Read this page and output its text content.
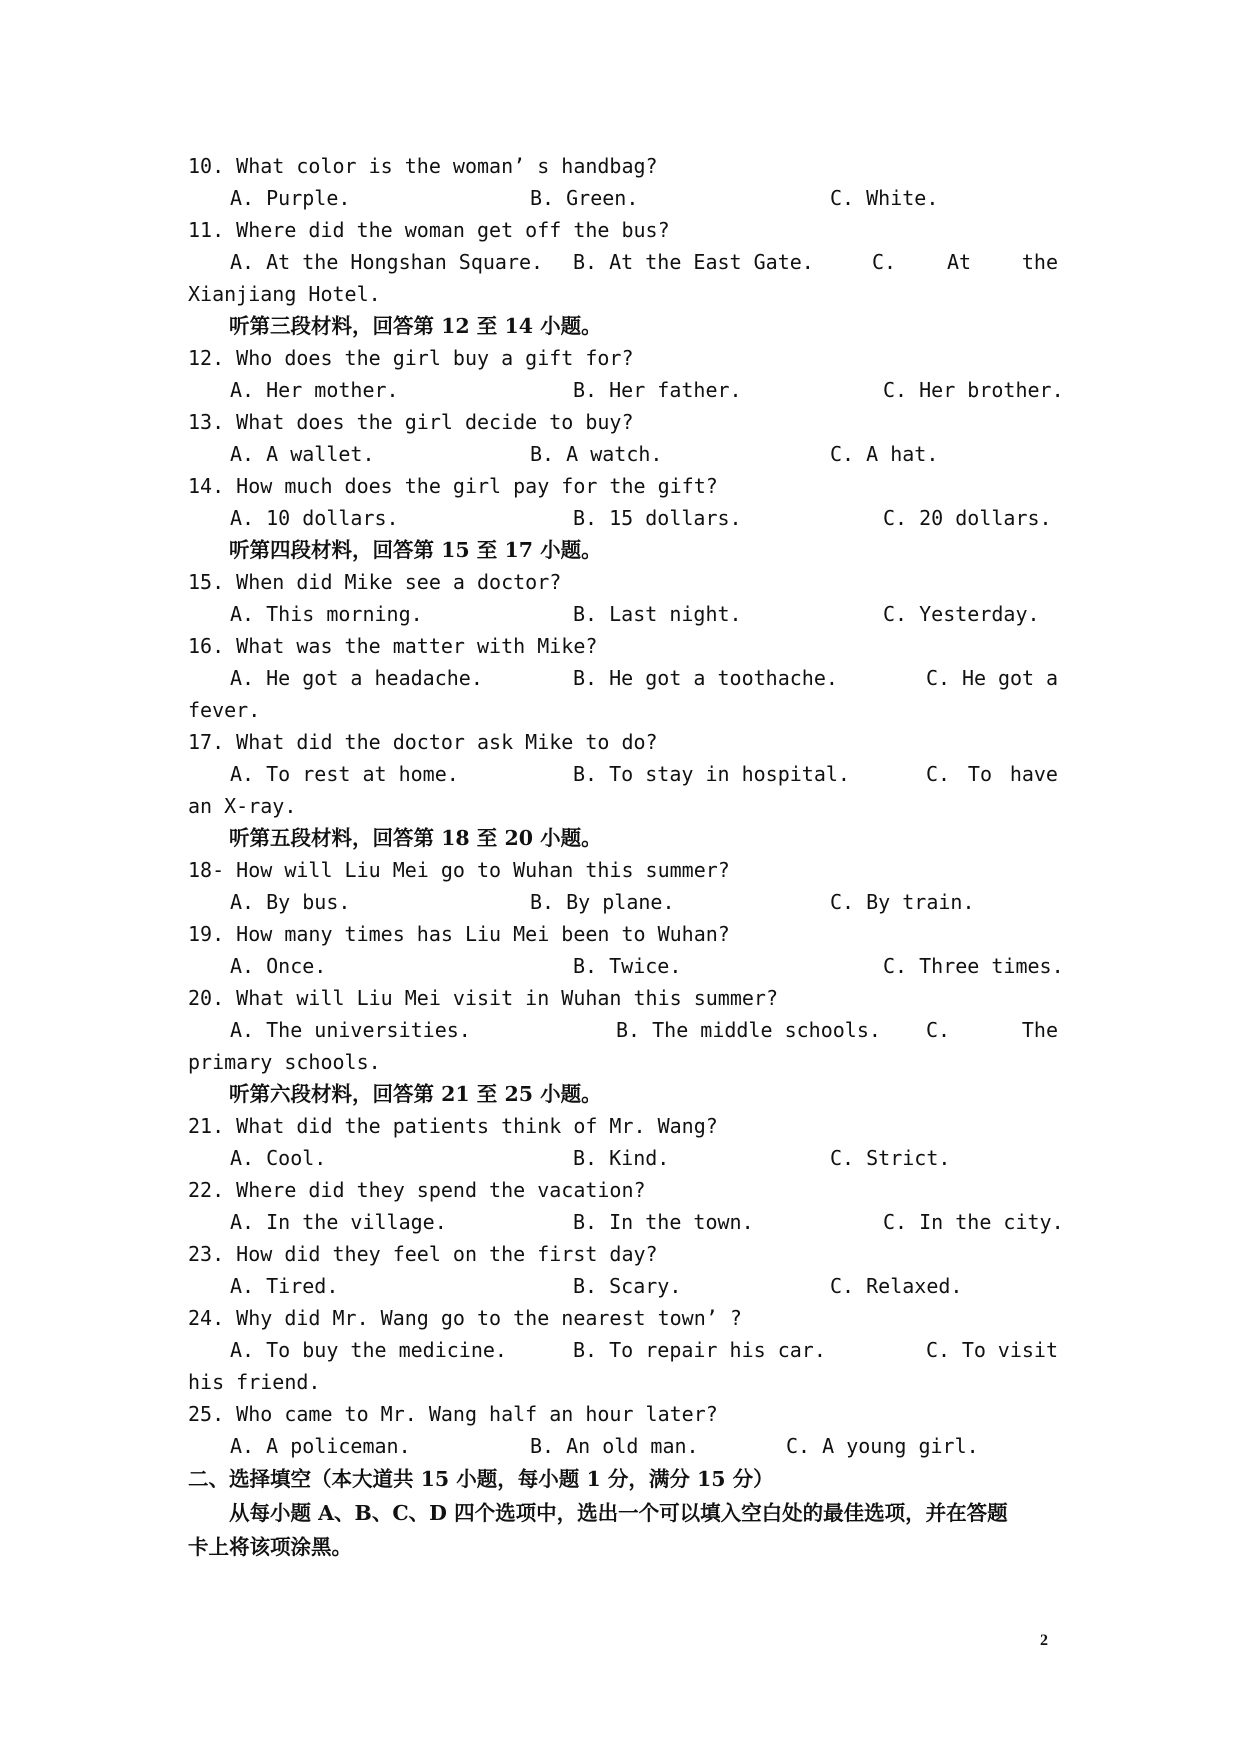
10. What color is the woman’ s handbag?

A. Purple.

	B. Green.

	C. White.

11. Where did the woman get off the bus?

A. At the Hongshan Square.

B. At the East Gate.

	C.	At	the

Xianjiang Hotel.
听第三段材料，回答第 12 至 14 小题。
12. Who does the girl buy a gift for?

A. Her mother.

	B. Her father.

	C. Her brother.

13. What does the girl decide to buy?

A. A wallet.

	B. A watch.

	C. A hat.

14. How much does the girl pay for the gift?

A. 10 dollars.

	B. 15 dollars.

	C. 20 dollars.

听第四段材料，回答第 15 至 17 小题。
15. When did Mike see a doctor?

A. This morning.

	B. Last night.

	C. Yesterday.

16. What was the matter with Mike?

A. He got a headache.

	B. He got a toothache.

	C. He got a

fever.
17. What did the doctor ask Mike to do?

A. To rest at home.

	B. To stay in hospital.

	C. To have

an X-ray.
听第五段材料，回答第 18 至 20 小题。
18- How will Liu Mei go to Wuhan this summer?

A. By bus.

	B. By plane.

	C. By train.

19. How many times has Liu Mei been to Wuhan?

A. Once.

	B. Twice.

	C. Three times.

20. What will Liu Mei visit in Wuhan this summer?

A. The universities.

	B. The middle schools.

C.	The

primary schools.
听第六段材料，回答第 21 至 25 小题。
21. What did the patients think of Mr. Wang?

A. Cool.

	B. Kind.

	C. Strict.

22. Where did they spend the vacation?

A. In the village.

	B. In the town.

	C. In the city.

23. How did they feel on the first day?

A. Tired.

	B. Scary.

	C. Relaxed.

24. Why did Mr. Wang go to the nearest town’ ?

A. To buy the medicine.

	B. To repair his car.

	C. To visit

his friend.
25. Who came to Mr. Wang half an hour later?

A. A policeman.

	B. An old man.

	C. A young girl.

二、选择填空（本大道共 15 小题，每小题 1 分，满分 15 分）
从每小题 A、B、C、D 四个选项中，选出一个可以填入空白处的最佳选项，并在答题
卡上将该项涂黑。
2
